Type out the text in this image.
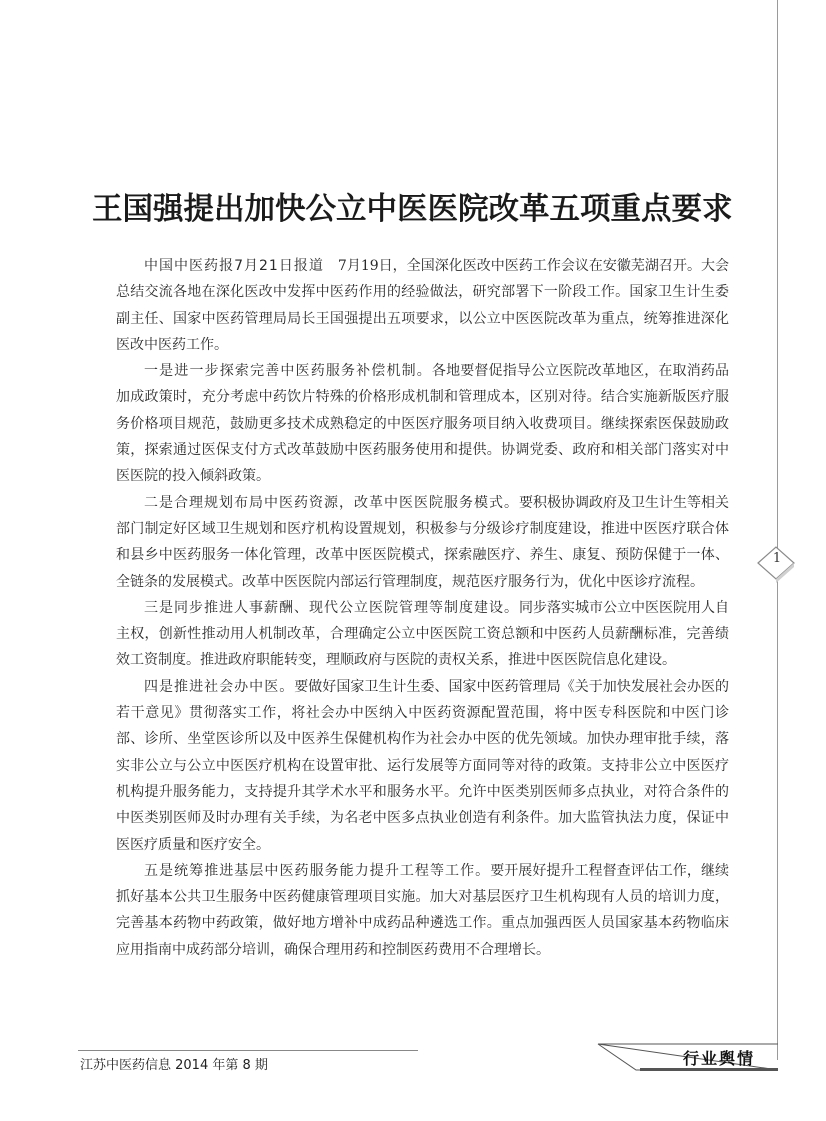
王国强提出加快公立中医医院改革五项重点要求

中国中医药报7月21日报道　 7月19日，全国深化医改中医药工作会议在安徽芜湖召开。大会总结交流各地在深化医改中发挥中医药作用的经验做法，研究部署下一阶段工作。国家卫生计生委副主任、国家中医药管理局局长王国强提出五项要求，以公立中医医院改革为重点，统筹推进深化医改中医药工作。

一是进一步探索完善中医药服务补偿机制。各地要督促指导公立医院改革地区，在取消药品加成政策时，充分考虑中药饮片特殊的价格形成机制和管理成本，区别对待。结合实施新版医疗服务价格项目规范，鼓励更多技术成熟稳定的中医医疗服务项目纳入收费项目。继续探索医保鼓励政策，探索通过医保支付方式改革鼓励中医药服务使用和提供。协调党委、政府和相关部门落实对中医医院的投入倾斜政策。

二是合理规划布局中医药资源，改革中医医院服务模式。要积极协调政府及卫生计生等相关部门制定好区域卫生规划和医疗机构设置规划，积极参与分级诊疗制度建设，推进中医医疗联合体和县乡中医药服务一体化管理，改革中医医院模式，探索融医疗、养生、康复、预防保健于一体、全链条的发展模式。改革中医医院内部运行管理制度，规范医疗服务行为，优化中医诊疗流程。

三是同步推进人事薪酬、现代公立医院管理等制度建设。同步落实城市公立中医医院用人自主权，创新性推动用人机制改革，合理确定公立中医医院工资总额和中医药人员薪酬标准，完善绩效工资制度。推进政府职能转变，理顺政府与医院的责权关系，推进中医医院信息化建设。

四是推进社会办中医。要做好国家卫生计生委、国家中医药管理局《关于加快发展社会办医的若干意见》贯彻落实工作，将社会办中医纳入中医药资源配置范围，将中医专科医院和中医门诊部、诊所、坐堂医诊所以及中医养生保健机构作为社会办中医的优先领域。加快办理审批手续，落实非公立与公立中医医疗机构在设置审批、运行发展等方面同等对待的政策。支持非公立中医医疗机构提升服务能力，支持提升其学术水平和服务水平。允许中医类别医师多点执业，对符合条件的中医类别医师及时办理有关手续，为名老中医多点执业创造有利条件。加大监管执法力度，保证中医医疗质量和医疗安全。

五是统筹推进基层中医药服务能力提升工程等工作。要开展好提升工程督查评估工作，继续抓好基本公共卫生服务中医药健康管理项目实施。加大对基层医疗卫生机构现有人员的培训力度，完善基本药物中药政策，做好地方增补中成药品种遴选工作。重点加强西医人员国家基本药物临床应用指南中成药部分培训，确保合理用药和控制医药费用不合理增长。

1
江苏中医药信息 2014 年第 8 期	行业舆情
